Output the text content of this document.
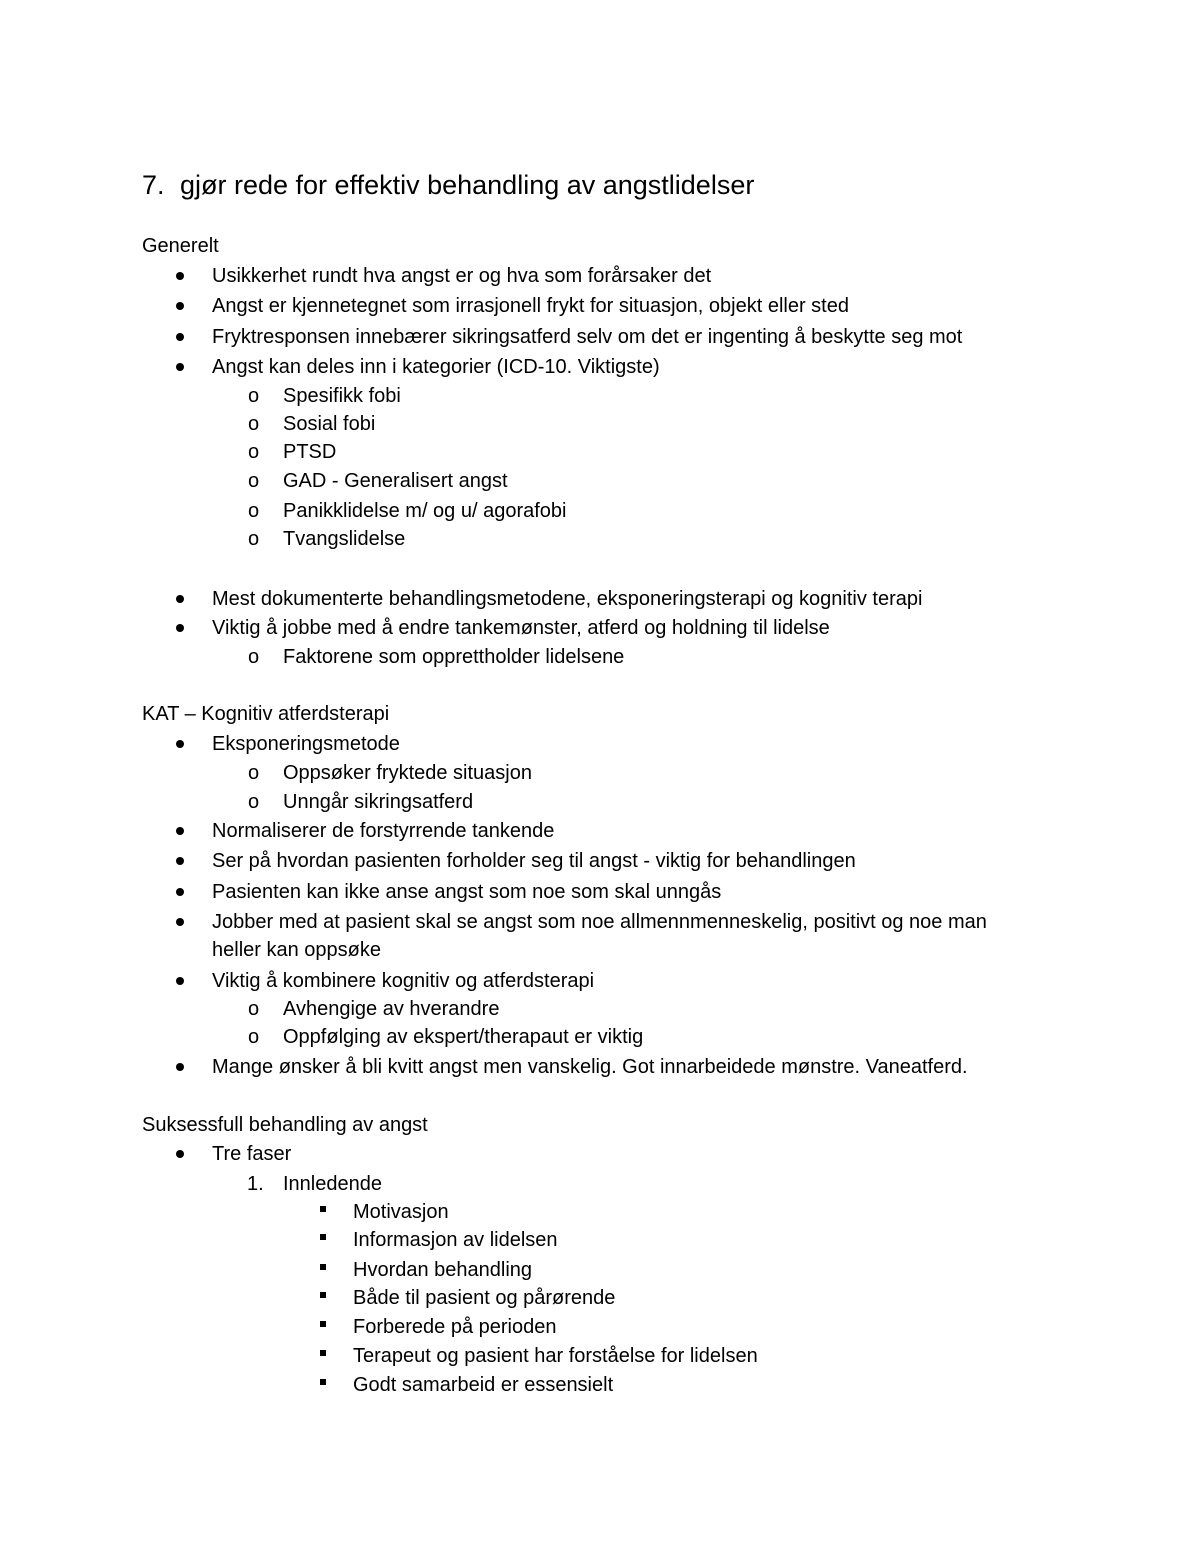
7. gjør rede for effektiv behandling av angstlidelser
Generelt
Usikkerhet rundt hva angst er og hva som forårsaker det
Angst er kjennetegnet som irrasjonell frykt for situasjon, objekt eller sted
Fryktresponsen innebærer sikringsatferd selv om det er ingenting å beskytte seg mot
Angst kan deles inn i kategorier (ICD-10. Viktigste)
o Spesifikk fobi
o Sosial fobi
o PTSD
o GAD - Generalisert angst
o Panikklidelse m/ og u/ agorafobi
o Tvangslidelse
Mest dokumenterte behandlingsmetodene, eksponeringsterapi og kognitiv terapi
Viktig å jobbe med å endre tankemønster, atferd og holdning til lidelse
o Faktorene som opprettholder lidelsene
KAT – Kognitiv atferdsterapi
Eksponeringsmetode
o Oppsøker fryktede situasjon
o Unngår sikringsatferd
Normaliserer de forstyrrende tankende
Ser på hvordan pasienten forholder seg til angst - viktig for behandlingen
Pasienten kan ikke anse angst som noe som skal unngås
Jobber med at pasient skal se angst som noe allmennmenneskelig, positivt og noe man
heller kan oppsøke
Viktig å kombinere kognitiv og atferdsterapi
o Avhengige av hverandre
o Oppfølging av ekspert/therapaut er viktig
Mange ønsker å bli kvitt angst men vanskelig. Got innarbeidede mønstre. Vaneatferd.
Suksessfull behandling av angst
Tre faser
1. Innledende
Motivasjon
Informasjon av lidelsen
Hvordan behandling
Både til pasient og pårørende
Forberede på perioden
Terapeut og pasient har forståelse for lidelsen
Godt samarbeid er essensielt
